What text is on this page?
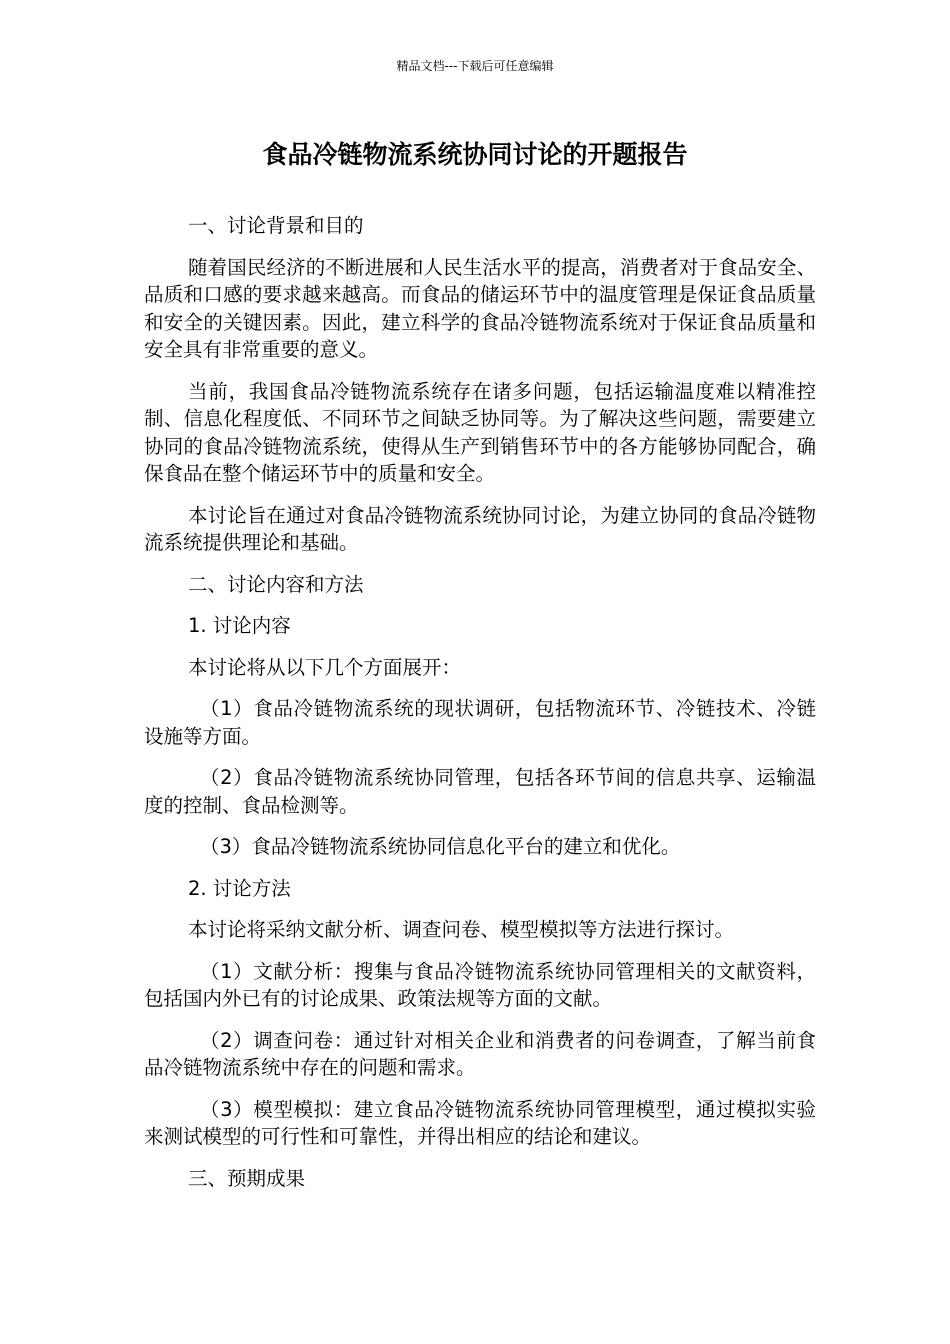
精品文档---下载后可任意编辑
食品冷链物流系统协同讨论的开题报告

一、讨论背景和目的

随着国民经济的不断进展和人民生活水平的提高，消费者对于食品安全、品质和口感的要求越来越高。而食品的储运环节中的温度管理是保证食品质量和安全的关键因素。因此，建立科学的食品冷链物流系统对于保证食品质量和安全具有非常重要的意义。

当前，我国食品冷链物流系统存在诸多问题，包括运输温度难以精准控制、信息化程度低、不同环节之间缺乏协同等。为了解决这些问题，需要建立协同的食品冷链物流系统，使得从生产到销售环节中的各方能够协同配合，确保食品在整个储运环节中的质量和安全。

本讨论旨在通过对食品冷链物流系统协同讨论，为建立协同的食品冷链物流系统提供理论和基础。

二、讨论内容和方法

1. 讨论内容

本讨论将从以下几个方面展开：

（1）食品冷链物流系统的现状调研，包括物流环节、冷链技术、冷链设施等方面。

（2）食品冷链物流系统协同管理，包括各环节间的信息共享、运输温度的控制、食品检测等。

（3）食品冷链物流系统协同信息化平台的建立和优化。

2. 讨论方法

本讨论将采纳文献分析、调查问卷、模型模拟等方法进行探讨。

（1）文献分析：搜集与食品冷链物流系统协同管理相关的文献资料，包括国内外已有的讨论成果、政策法规等方面的文献。

（2）调查问卷：通过针对相关企业和消费者的问卷调查，了解当前食品冷链物流系统中存在的问题和需求。

（3）模型模拟：建立食品冷链物流系统协同管理模型，通过模拟实验来测试模型的可行性和可靠性，并得出相应的结论和建议。

三、预期成果
